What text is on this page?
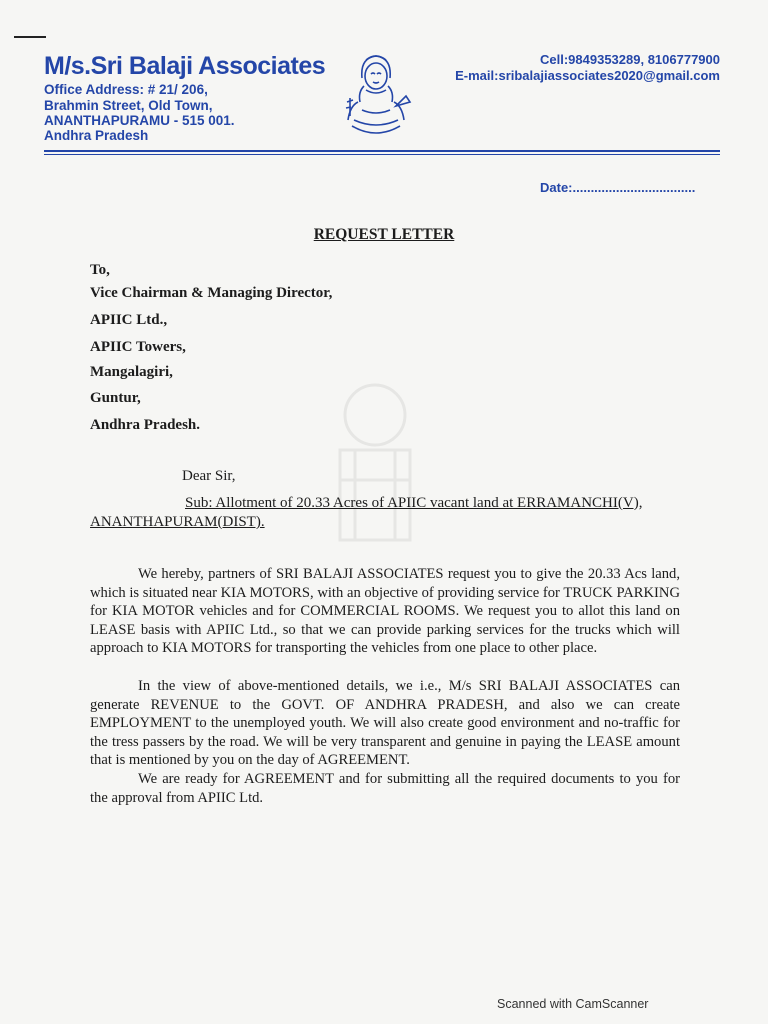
M/s.Sri Balaji Associates
Office Address: # 21/ 206,
Brahmin Street, Old Town,
ANANTHAPURAMU - 515 001.
Andhra Pradesh
Cell:9849353289, 8106777900
E-mail:sribalajiassociates2020@gmail.com
Date:..................................
REQUEST LETTER
To,
Vice Chairman & Managing Director,
APIIC Ltd.,
APIIC Towers,
Mangalagiri,
Guntur,
Andhra Pradesh.
Dear Sir,
Sub: Allotment of 20.33 Acres of APIIC vacant land at ERRAMANCHI(V), ANANTHAPURAM(DIST).
We hereby, partners of SRI BALAJI ASSOCIATES request you to give the 20.33 Acs land, which is situated near KIA MOTORS, with an objective of providing service for TRUCK PARKING for KIA MOTOR vehicles and for COMMERCIAL ROOMS. We request you to allot this land on LEASE basis with APIIC Ltd., so that we can provide parking services for the trucks which will approach to KIA MOTORS for transporting the vehicles from one place to other place.
In the view of above-mentioned details, we i.e., M/s SRI BALAJI ASSOCIATES can generate REVENUE to the GOVT. OF ANDHRA PRADESH, and also we can create EMPLOYMENT to the unemployed youth. We will also create good environment and no-traffic for the tress passers by the road. We will be very transparent and genuine in paying the LEASE amount that is mentioned by you on the day of AGREEMENT.
We are ready for AGREEMENT and for submitting all the required documents to you for the approval from APIIC Ltd.
Scanned with CamScanner
